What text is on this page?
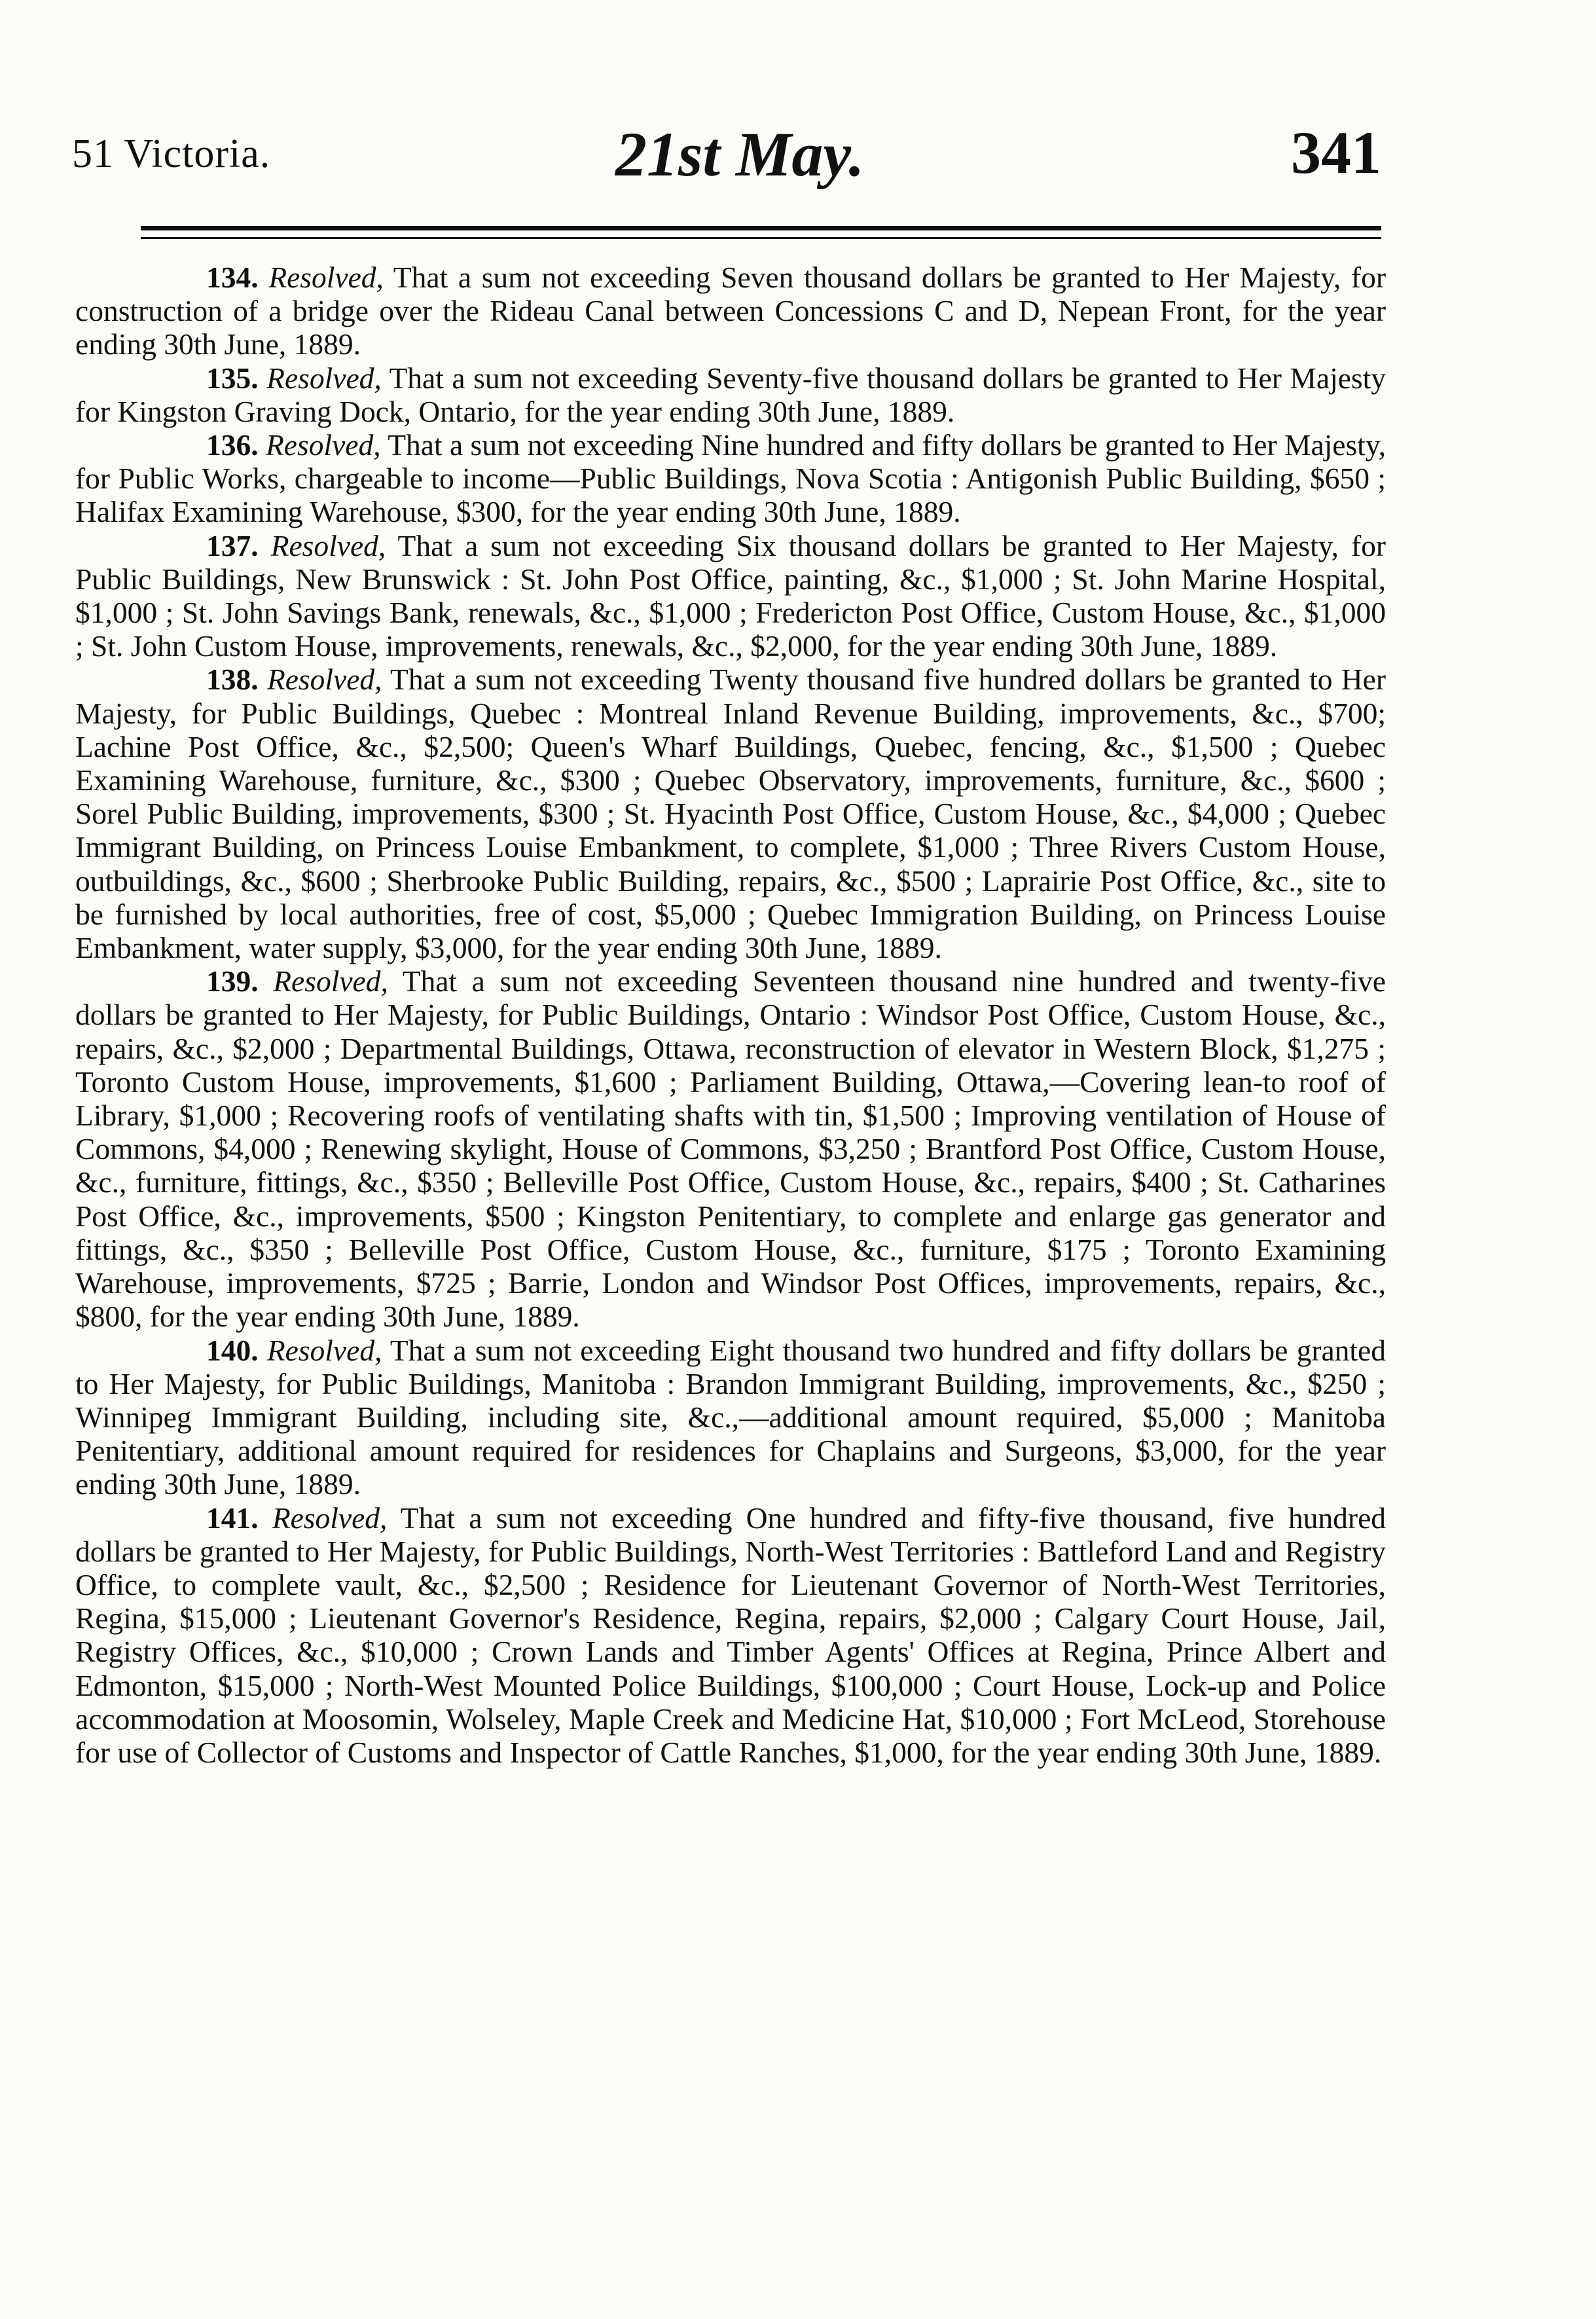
51 Victoria.	21st May.	341

134. Resolved, That a sum not exceeding Seven thousand dollars be granted to Her Majesty, for construction of a bridge over the Rideau Canal between Concessions C and D, Nepean Front, for the year ending 30th June, 1889.

135. Resolved, That a sum not exceeding Seventy-five thousand dollars be granted to Her Majesty for Kingston Graving Dock, Ontario, for the year ending 30th June, 1889.

136. Resolved, That a sum not exceeding Nine hundred and fifty dollars be granted to Her Majesty, for Public Works, chargeable to income—Public Buildings, Nova Scotia : Antigonish Public Building, $650 ; Halifax Examining Warehouse, $300, for the year ending 30th June, 1889.

137. Resolved, That a sum not exceeding Six thousand dollars be granted to Her Majesty, for Public Buildings, New Brunswick : St. John Post Office, painting, &c., $1,000 ; St. John Marine Hospital, $1,000 ; St. John Savings Bank, renewals, &c., $1,000 ; Fredericton Post Office, Custom House, &c., $1,000 ; St. John Custom House, improvements, renewals, &c., $2,000, for the year ending 30th June, 1889.

138. Resolved, That a sum not exceeding Twenty thousand five hundred dollars be granted to Her Majesty, for Public Buildings, Quebec : Montreal Inland Revenue Building, improvements, &c., $700; Lachine Post Office, &c., $2,500; Queen's Wharf Buildings, Quebec, fencing, &c., $1,500 ; Quebec Examining Warehouse, furniture, &c., $300 ; Quebec Observatory, improvements, furniture, &c., $600 ; Sorel Public Building, improvements, $300 ; St. Hyacinth Post Office, Custom House, &c., $4,000 ; Quebec Immigrant Building, on Princess Louise Embankment, to complete, $1,000 ; Three Rivers Custom House, outbuildings, &c., $600 ; Sherbrooke Public Building, repairs, &c., $500 ; Laprairie Post Office, &c., site to be furnished by local authorities, free of cost, $5,000 ; Quebec Immigration Building, on Princess Louise Embankment, water supply, $3,000, for the year ending 30th June, 1889.

139. Resolved, That a sum not exceeding Seventeen thousand nine hundred and twenty-five dollars be granted to Her Majesty, for Public Buildings, Ontario : Windsor Post Office, Custom House, &c., repairs, &c., $2,000 ; Departmental Buildings, Ottawa, reconstruction of elevator in Western Block, $1,275 ; Toronto Custom House, improvements, $1,600 ; Parliament Building, Ottawa,—Covering lean-to roof of Library, $1,000 ; Recovering roofs of ventilating shafts with tin, $1,500 ; Improving ventilation of House of Commons, $4,000 ; Renewing skylight, House of Commons, $3,250 ; Brantford Post Office, Custom House, &c., furniture, fittings, &c., $350 ; Belleville Post Office, Custom House, &c., repairs, $400 ; St. Catharines Post Office, &c., improvements, $500 ; Kingston Penitentiary, to complete and enlarge gas generator and fittings, &c., $350 ; Belleville Post Office, Custom House, &c., furniture, $175 ; Toronto Examining Warehouse, improvements, $725 ; Barrie, London and Windsor Post Offices, improvements, repairs, &c., $800, for the year ending 30th June, 1889.

140. Resolved, That a sum not exceeding Eight thousand two hundred and fifty dollars be granted to Her Majesty, for Public Buildings, Manitoba : Brandon Immigrant Building, improvements, &c., $250 ; Winnipeg Immigrant Building, including site, &c.,—additional amount required, $5,000 ; Manitoba Penitentiary, additional amount required for residences for Chaplains and Surgeons, $3,000, for the year ending 30th June, 1889.

141. Resolved, That a sum not exceeding One hundred and fifty-five thousand, five hundred dollars be granted to Her Majesty, for Public Buildings, North-West Territories : Battleford Land and Registry Office, to complete vault, &c., $2,500 ; Residence for Lieutenant Governor of North-West Territories, Regina, $15,000 ; Lieutenant Governor's Residence, Regina, repairs, $2,000 ; Calgary Court House, Jail, Registry Offices, &c., $10,000 ; Crown Lands and Timber Agents' Offices at Regina, Prince Albert and Edmonton, $15,000 ; North-West Mounted Police Buildings, $100,000 ; Court House, Lock-up and Police accommodation at Moosomin, Wolseley, Maple Creek and Medicine Hat, $10,000 ; Fort McLeod, Storehouse for use of Collector of Customs and Inspector of Cattle Ranches, $1,000, for the year ending 30th June, 1889.
